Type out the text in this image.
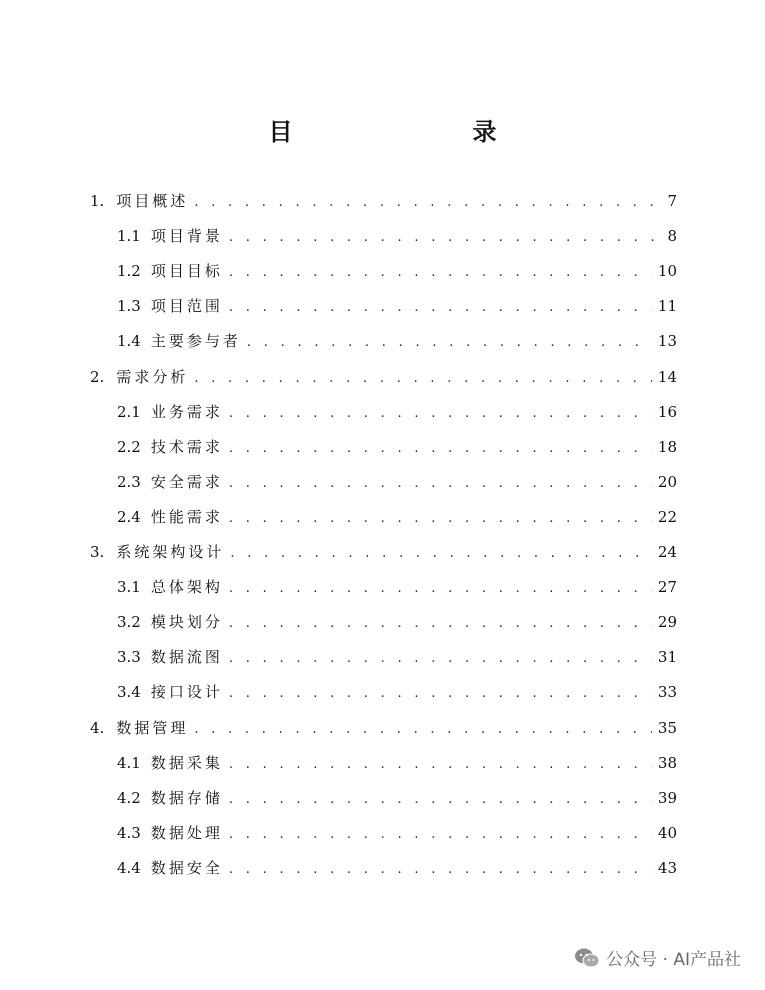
目　　录
1. 项目概述 . . .	7
1.1 项目背景 . . .	8
1.2 项目目标 . . .	10
1.3 项目范围 . . .	11
1.4 主要参与者 . . .	13
2. 需求分析 . . .	14
2.1 业务需求 . . .	16
2.2 技术需求 . . .	18
2.3 安全需求 . . .	20
2.4 性能需求 . . .	22
3. 系统架构设计 . . .	24
3.1 总体架构 . . .	27
3.2 模块划分 . . .	29
3.3 数据流图 . . .	31
3.4 接口设计 . . .	33
4. 数据管理 . . .	35
4.1 数据采集 . . .	38
4.2 数据存储 . . .	39
4.3 数据处理 . . .	40
4.4 数据安全 . . .	43
公众号 · AI产品社
